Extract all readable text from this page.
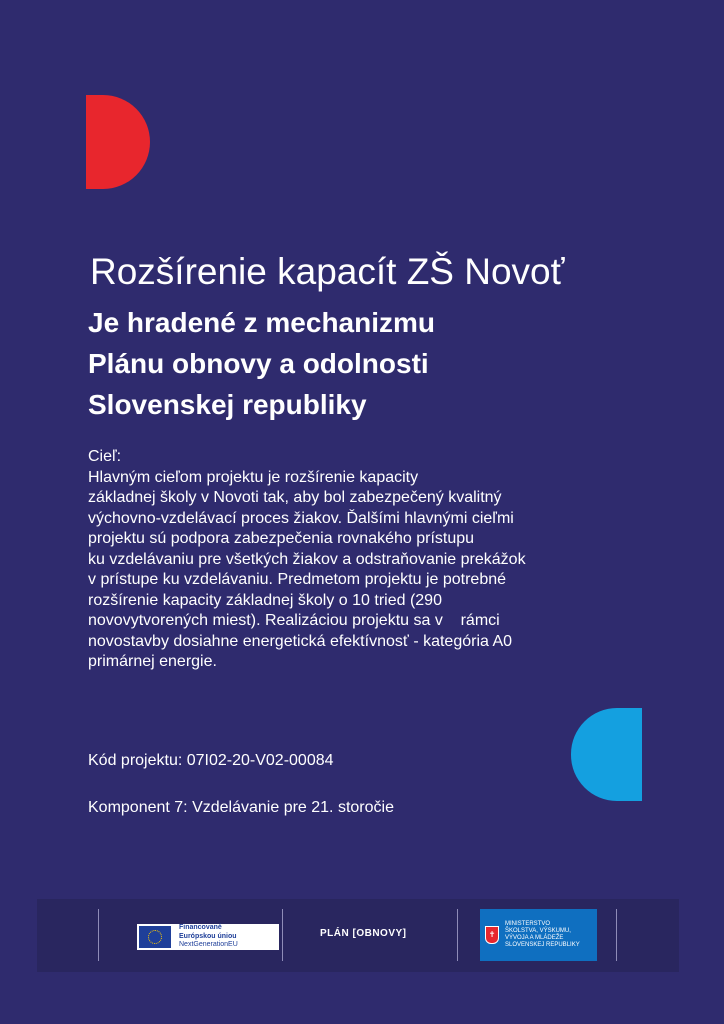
Rozšírenie kapacít ZŠ Novoť
Je hradené z mechanizmu
Plánu obnovy a odolnosti
Slovenskej republiky
Cieľ:
Hlavným cieľom projektu je rozšírenie kapacity
základnej školy v Novoti tak, aby bol zabezpečený kvalitný
výchovno-vzdelávací proces žiakov. Ďalšími hlavnými cieľmi
projektu sú podpora zabezpečenia rovnakého prístupu
ku vzdelávaniu pre všetkých žiakov a odstraňovanie prekážok
v prístupe ku vzdelávaniu. Predmetom projektu je potrebné
rozšírenie kapacity základnej školy o 10 tried (290
novovytvorených miest). Realizáciou projektu sa v    rámci
novostavby dosiahne energetická efektívnosť - kategória A0
primárnej energie.
Kód projektu: 07I02-20-V02-00084
Komponent 7: Vzdelávanie pre 21. storočie
Financované
Európskou úniou
NextGenerationEU
PLÁN [OBNOVY]	✝
MINISTERSTVO
ŠKOLSTVA, VÝSKUMU,
VÝVOJA A MLÁDEŽE
SLOVENSKEJ REPUBLIKY
